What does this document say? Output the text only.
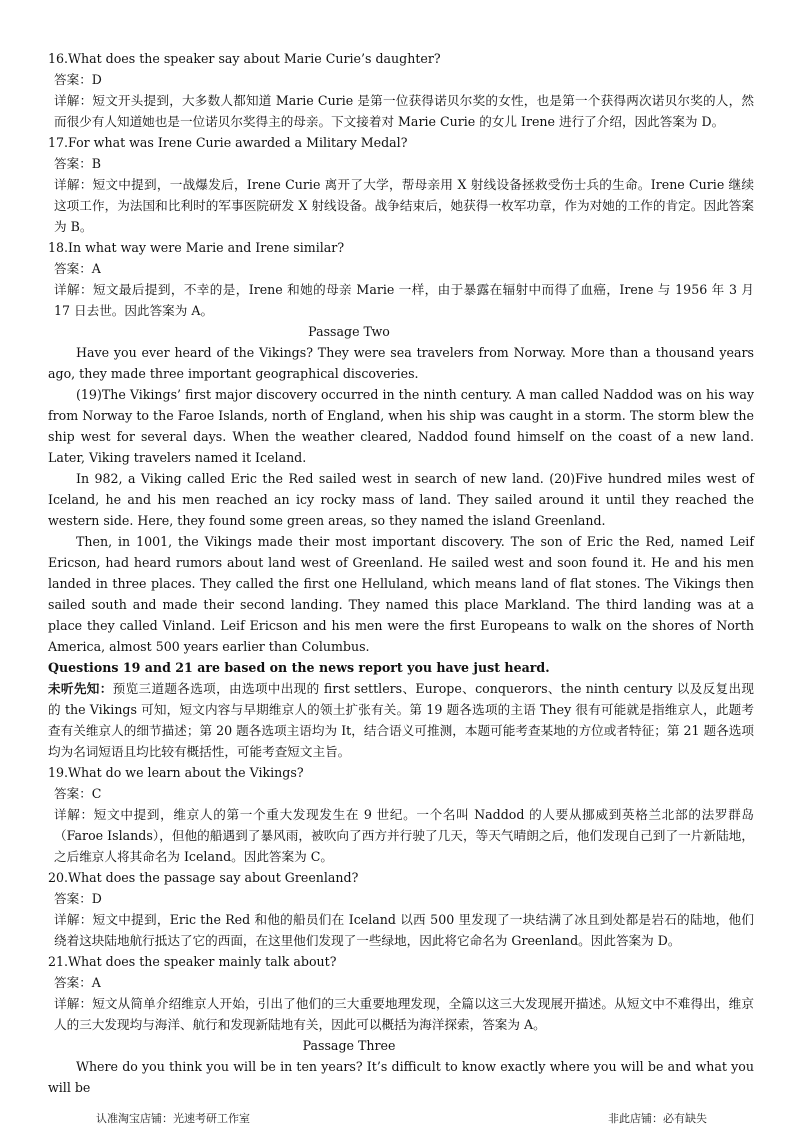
16.What does the speaker say about Marie Curie’s daughter?

答案：D

详解：短文开头提到，大多数人都知道 Marie Curie 是第一位获得诺贝尔奖的女性，也是第一个获得两次诺贝尔奖的人，然而很少有人知道她也是一位诺贝尔奖得主的母亲。下文接着对 Marie Curie 的女儿 Irene 进行了介绍，因此答案为 D。

17.For what was Irene Curie awarded a Military Medal?

答案：B

详解：短文中提到，一战爆发后，Irene Curie 离开了大学，帮母亲用 X 射线设备拯救受伤士兵的生命。Irene Curie 继续这项工作，为法国和比利时的军事医院研发 X 射线设备。战争结束后，她获得一枚军功章，作为对她的工作的肯定。因此答案为 B。

18.In what way were Marie and Irene similar?

答案：A

详解：短文最后提到，不幸的是，Irene 和她的母亲 Marie 一样，由于暴露在辐射中而得了血癌，Irene 与 1956 年 3 月 17 日去世。因此答案为 A。

Passage Two

Have you ever heard of the Vikings? They were sea travelers from Norway. More than a thousand years ago, they made three important geographical discoveries.

(19)The Vikings’ first major discovery occurred in the ninth century. A man called Naddod was on his way from Norway to the Faroe Islands, north of England, when his ship was caught in a storm. The storm blew the ship west for several days. When the weather cleared, Naddod found himself on the coast of a new land. Later, Viking travelers named it Iceland.

In 982, a Viking called Eric the Red sailed west in search of new land. (20)Five hundred miles west of Iceland, he and his men reached an icy rocky mass of land. They sailed around it until they reached the western side. Here, they found some green areas, so they named the island Greenland.

Then, in 1001, the Vikings made their most important discovery. The son of Eric the Red, named Leif Ericson, had heard rumors about land west of Greenland. He sailed west and soon found it. He and his men landed in three places. They called the first one Helluland, which means land of flat stones. The Vikings then sailed south and made their second landing. They named this place Markland. The third landing was at a place they called Vinland. Leif Ericson and his men were the first Europeans to walk on the shores of North America, almost 500 years earlier than Columbus.

Questions 19 and 21 are based on the news report you have just heard.

未听先知：预览三道题各选项，由选项中出现的 first settlers、Europe、conquerors、the ninth century 以及反复出现的 the Vikings 可知，短文内容与早期维京人的领土扩张有关。第 19 题各选项的主语 They 很有可能就是指维京人，此题考查有关维京人的细节描述；第 20 题各选项主语均为 It，结合语义可推测，本题可能考查某地的方位或者特征；第 21 题各选项均为名词短语且均比较有概括性，可能考查短文主旨。

19.What do we learn about the Vikings?

答案：C

详解：短文中提到，维京人的第一个重大发现发生在 9 世纪。一个名叫 Naddod 的人要从挪威到英格兰北部的法罗群岛（Faroe Islands），但他的船遇到了暴风雨，被吹向了西方并行驶了几天，等天气晴朗之后，他们发现自己到了一片新陆地，之后维京人将其命名为 Iceland。因此答案为 C。

20.What does the passage say about Greenland?

答案：D

详解：短文中提到，Eric the Red 和他的船员们在 Iceland 以西 500 里发现了一块结满了冰且到处都是岩石的陆地，他们绕着这块陆地航行抵达了它的西面，在这里他们发现了一些绿地，因此将它命名为 Greenland。因此答案为 D。

21.What does the speaker mainly talk about?

答案：A

详解：短文从简单介绍维京人开始，引出了他们的三大重要地理发现，全篇以这三大发现展开描述。从短文中不难得出，维京人的三大发现均与海洋、航行和发现新陆地有关，因此可以概括为海洋探索，答案为 A。

Passage Three

Where do you think you will be in ten years? It’s difficult to know exactly where you will be and what you will be

认准淘宝店铺：光速考研工作室	非此店铺：必有缺失
